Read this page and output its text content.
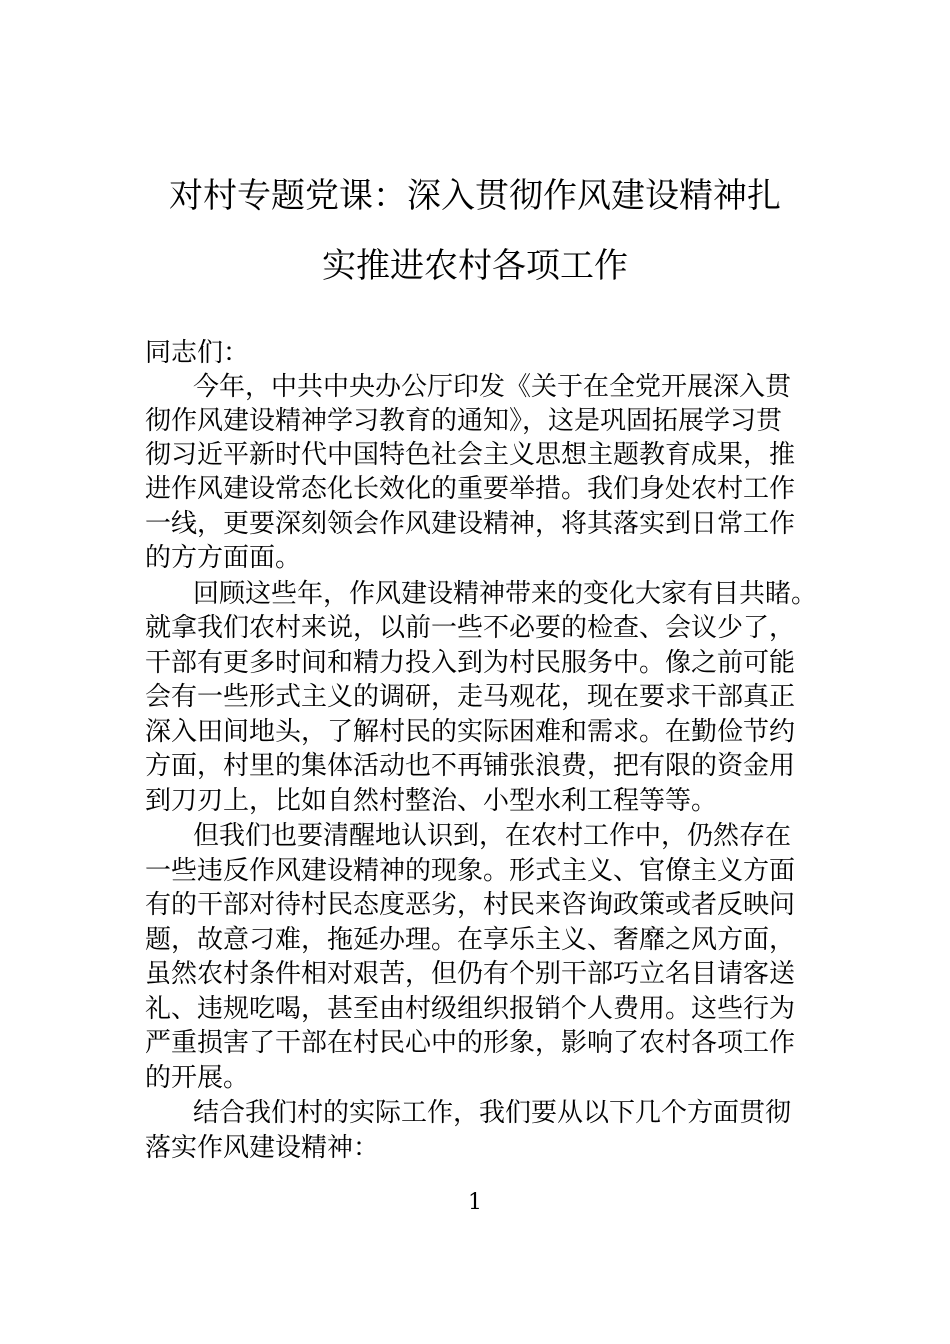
对村专题党课：深入贯彻作风建设精神扎
实推进农村各项工作

同志们：

今年，中共中央办公厅印发《关于在全党开展深入贯

彻作风建设精神学习教育的通知》，这是巩固拓展学习贯

彻习近平新时代中国特色社会主义思想主题教育成果，推

进作风建设常态化长效化的重要举措。我们身处农村工作

一线，更要深刻领会作风建设精神，将其落实到日常工作

的方方面面。

回顾这些年，作风建设精神带来的变化大家有目共睹。

就拿我们农村来说，以前一些不必要的检查、会议少了，

干部有更多时间和精力投入到为村民服务中。像之前可能

会有一些形式主义的调研，走马观花，现在要求干部真正

深入田间地头，了解村民的实际困难和需求。在勤俭节约

方面，村里的集体活动也不再铺张浪费，把有限的资金用

到刀刃上，比如自然村整治、小型水利工程等等。

但我们也要清醒地认识到，在农村工作中，仍然存在

一些违反作风建设精神的现象。形式主义、官僚主义方面

有的干部对待村民态度恶劣，村民来咨询政策或者反映问

题，故意刁难，拖延办理。在享乐主义、奢靡之风方面，

虽然农村条件相对艰苦，但仍有个别干部巧立名目请客送

礼、违规吃喝，甚至由村级组织报销个人费用。这些行为

严重损害了干部在村民心中的形象，影响了农村各项工作

的开展。

结合我们村的实际工作，我们要从以下几个方面贯彻

落实作风建设精神：

1
